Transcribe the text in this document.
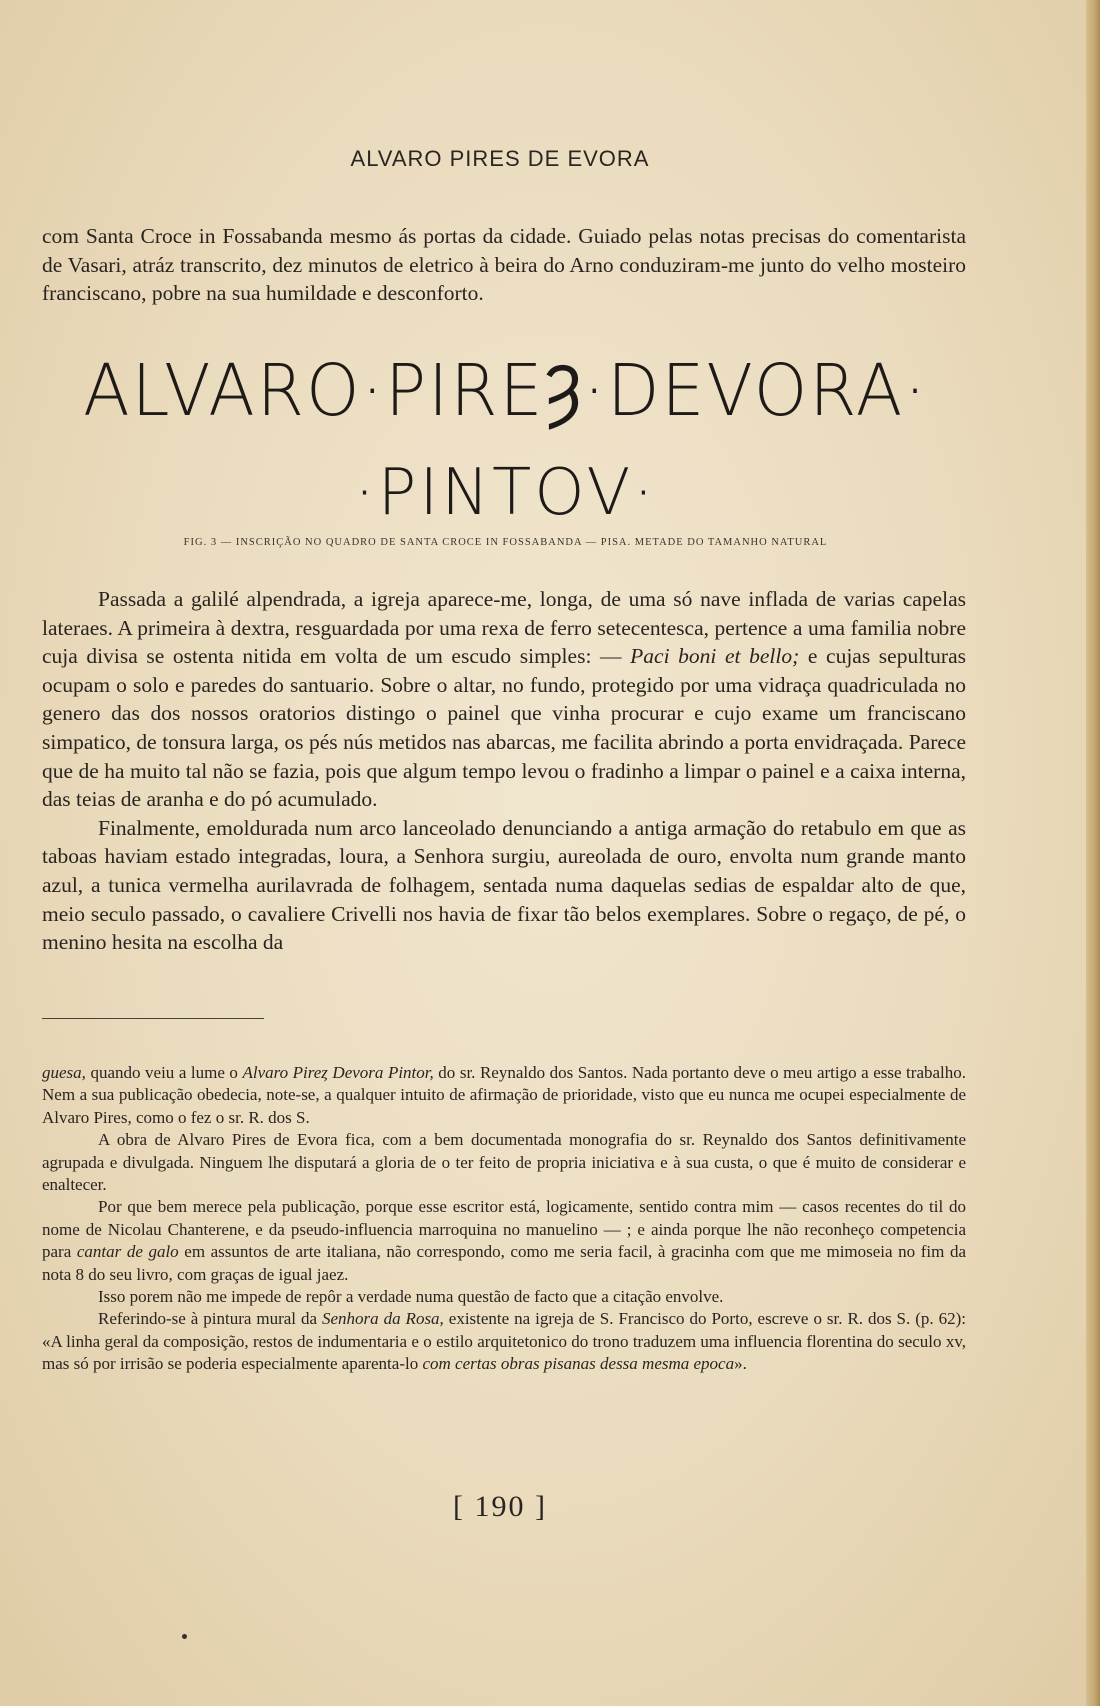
ALVARO PIRES DE EVORA

com Santa Croce in Fossabanda mesmo ás portas da cidade. Guiado pelas notas precisas do comentarista de Vasari, atráz transcrito, dez minutos de eletrico à beira do Arno conduziram-me junto do velho mosteiro franciscano, pobre na sua humildade e desconforto.

ALVARO·PIREȜ·DEVORA·
·PINTOV·
FIG. 3 — INSCRIÇÃO NO QUADRO DE SANTA CROCE IN FOSSABANDA — PISA. METADE DO TAMANHO NATURAL

Passada a galilé alpendrada, a igreja aparece-me, longa, de uma só nave inflada de varias capelas lateraes. A primeira à dextra, resguardada por uma rexa de ferro setecentesca, pertence a uma familia nobre cuja divisa se ostenta nitida em volta de um escudo simples: — Paci boni et bello; e cujas sepulturas ocupam o solo e paredes do santuario. Sobre o altar, no fundo, protegido por uma vidraça quadriculada no genero das dos nossos oratorios distingo o painel que vinha procurar e cujo exame um franciscano simpatico, de tonsura larga, os pés nús metidos nas abarcas, me facilita abrindo a porta envidraçada. Parece que de ha muito tal não se fazia, pois que algum tempo levou o fradinho a limpar o painel e a caixa interna, das teias de aranha e do pó acumulado.

Finalmente, emoldurada num arco lanceolado denunciando a antiga armação do retabulo em que as taboas haviam estado integradas, loura, a Senhora surgiu, aureolada de ouro, envolta num grande manto azul, a tunica vermelha aurilavrada de folhagem, sentada numa daquelas sedias de espaldar alto de que, meio seculo passado, o cavaliere Crivelli nos havia de fixar tão belos exemplares. Sobre o regaço, de pé, o menino hesita na escolha da

guesa, quando veiu a lume o Alvaro Pireȥ Devora Pintor, do sr. Reynaldo dos Santos. Nada portanto deve o meu artigo a esse trabalho. Nem a sua publicação obedecia, note-se, a qualquer intuito de afirmação de prioridade, visto que eu nunca me ocupei especialmente de Alvaro Pires, como o fez o sr. R. dos S.

A obra de Alvaro Pires de Evora fica, com a bem documentada monografia do sr. Reynaldo dos Santos definitivamente agrupada e divulgada. Ninguem lhe disputará a gloria de o ter feito de propria iniciativa e à sua custa, o que é muito de considerar e enaltecer.

Por que bem merece pela publicação, porque esse escritor está, logicamente, sentido contra mim — casos recentes do til do nome de Nicolau Chanterene, e da pseudo-influencia marroquina no manuelino — ; e ainda porque lhe não reconheço competencia para cantar de galo em assuntos de arte italiana, não correspondo, como me seria facil, à gracinha com que me mimoseia no fim da nota 8 do seu livro, com graças de igual jaez.

Isso porem não me impede de repôr a verdade numa questão de facto que a citação envolve.

Referindo-se à pintura mural da Senhora da Rosa, existente na igreja de S. Francisco do Porto, escreve o sr. R. dos S. (p. 62): «A linha geral da composição, restos de indumentaria e o estilo arquitetonico do trono traduzem uma influencia florentina do seculo xv, mas só por irrisão se poderia especialmente aparenta-lo com certas obras pisanas dessa mesma epoca».

[ 190 ]
